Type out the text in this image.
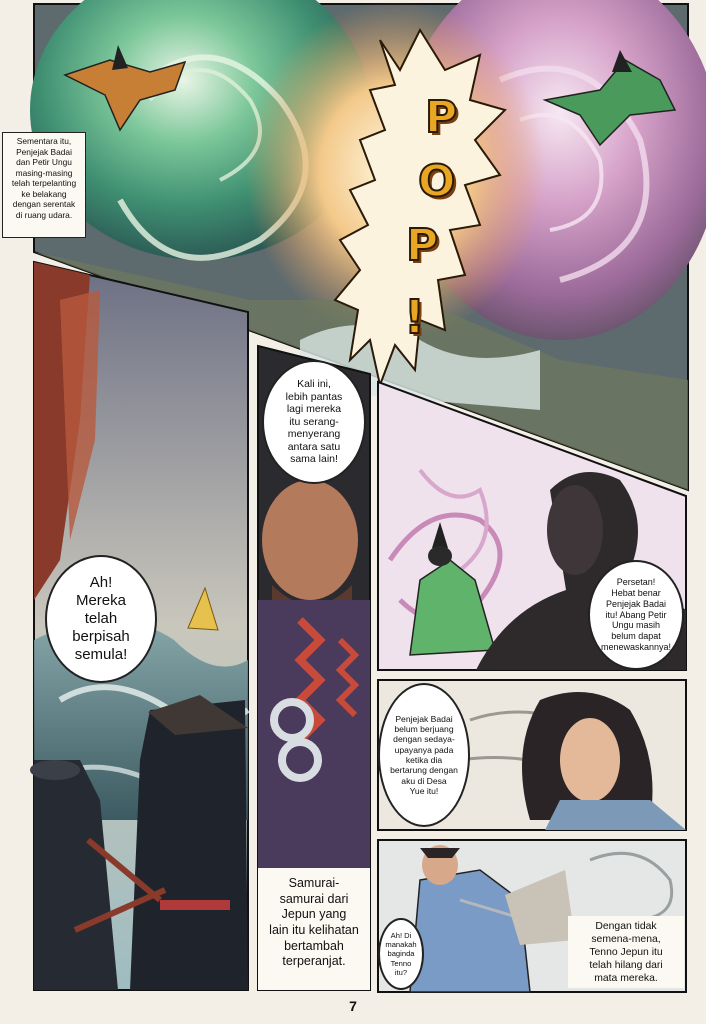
Sementara itu,
Penjejak Badai
dan Petir Ungu
masing-masing
telah terpelanting
ke belakang
dengan serentak
di ruang udara.
P
O
P
!
Ah!
Mereka
telah
berpisah
semula!
Kali ini,
lebih pantas
lagi mereka
itu serang-
menyerang
antara satu
sama lain!
Samurai-
samurai dari
Jepun yang
lain itu kelihatan
bertambah
terperanjat.
Persetan!
Hebat benar
Penjejak Badai
itu! Abang Petir
Ungu masih
belum dapat
menewaskannya!
Penjejak Badai
belum berjuang
dengan sedaya-
upayanya pada
ketika dia
bertarung dengan
aku di Desa
Yue itu!
Ah! Di
manakah
baginda
Tenno
itu?
Dengan tidak
semena-mena,
Tenno Jepun itu
telah hilang dari
mata mereka.
7
